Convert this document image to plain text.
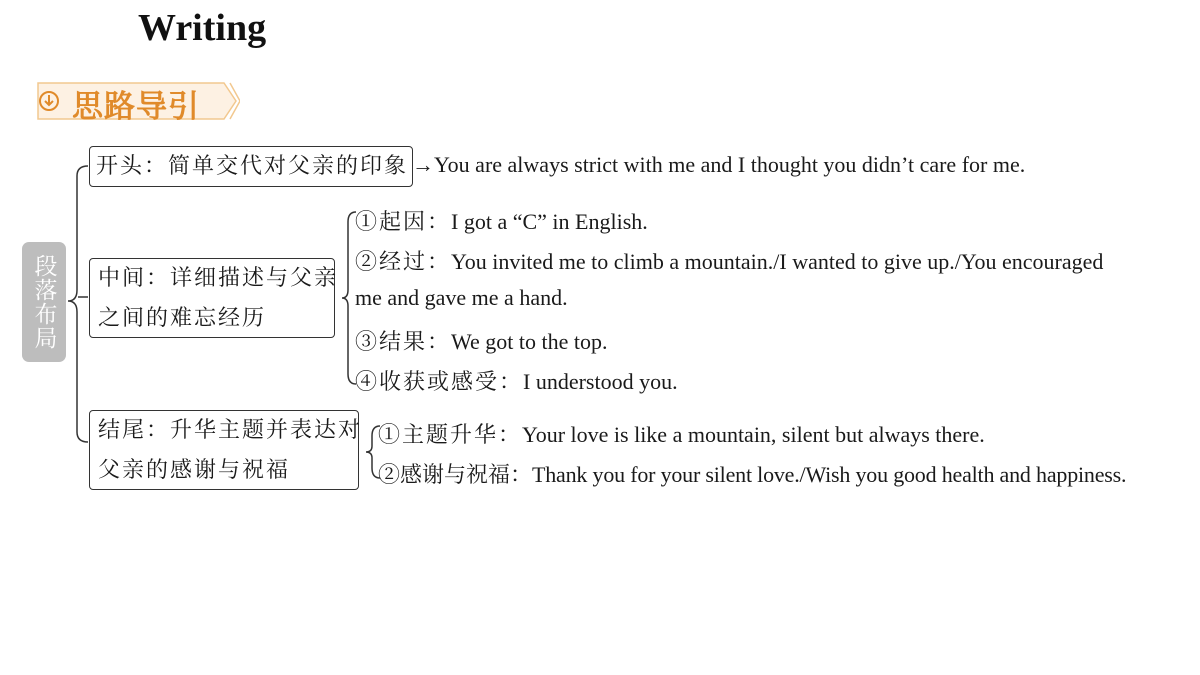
Writing
思路导引
段落布局
开头：简单交代对父亲的印象 →You are always strict with me and I thought you didn’t care for me.
中间：详细描述与父亲
之间的难忘经历
①起因：I got a “C” in English.
②经过：You invited me to climb a mountain./I wanted to give up./You encouraged
me and gave me a hand.
③结果：We got to the top.
④收获或感受：I understood you.
结尾：升华主题并表达对
父亲的感谢与祝福
①主题升华：Your love is like a mountain, silent but always there.
②感谢与祝福：Thank you for your silent love./Wish you good health and happiness.
